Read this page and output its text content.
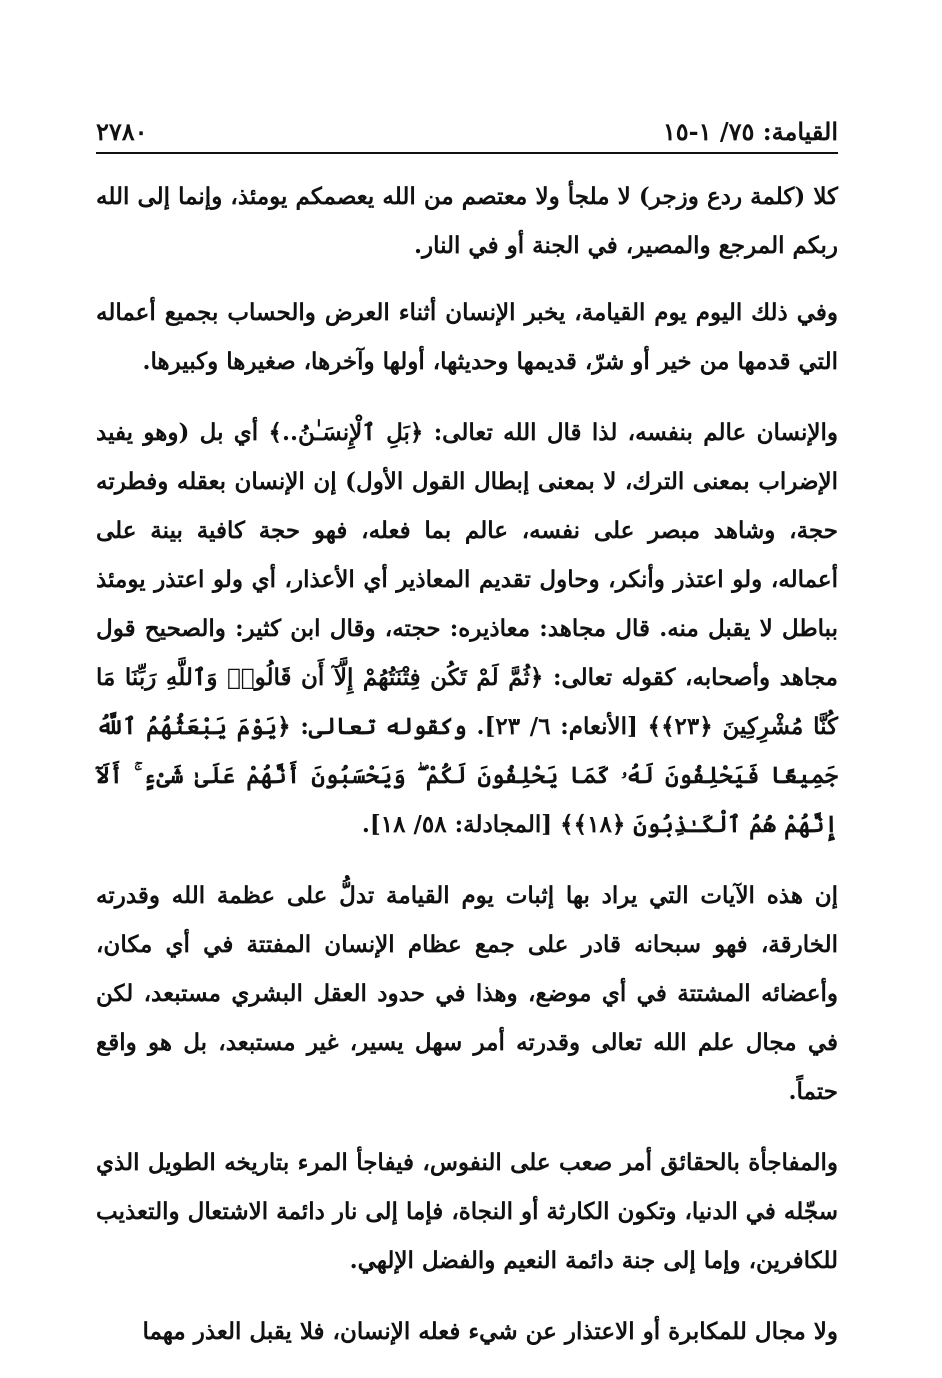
القيامة: ٧٥/ ١-١٥
٢٧٨٠

كلا (كلمة ردع وزجر) لا ملجأ ولا معتصم من الله يعصمكم يومئذ، وإنما إلى الله ربكم المرجع والمصير، في الجنة أو في النار.

وفي ذلك اليوم يوم القيامة، يخبر الإنسان أثناء العرض والحساب بجميع أعماله التي قدمها من خير أو شرّ، قديمها وحديثها، أولها وآخرها، صغيرها وكبيرها.

والإنسان عالم بنفسه، لذا قال الله تعالى: ﴿بَلِ ٱلْإِنسَـٰنُ..﴾ أي بل (وهو يفيد الإضراب بمعنى الترك، لا بمعنى إبطال القول الأول) إن الإنسان بعقله وفطرته حجة، وشاهد مبصر على نفسه، عالم بما فعله، فهو حجة كافية بينة على أعماله، ولو اعتذر وأنكر، وحاول تقديم المعاذير أي الأعذار، أي ولو اعتذر يومئذ بباطل لا يقبل منه. قال مجاهد: معاذيره: حجته، وقال ابن كثير: والصحيح قول مجاهد وأصحابه، كقوله تعالى: ﴿ثُمَّ لَمْ تَكُن فِتْنَتُهُمْ إِلَّآ أَن قَالُوا۟ وَٱللَّهِ رَبِّنَا مَا كُنَّا مُشْرِكِينَ ﴿٢٣﴾﴾ [الأنعام: ٦/ ٢٣]. وكقوله تعالى: ﴿يَوْمَ يَبْعَثُهُمُ ٱللَّهُ جَمِيعًا فَيَحْلِفُونَ لَهُۥ كَمَا يَحْلِفُونَ لَكُمْ ۖ وَيَحْسَبُونَ أَنَّهُمْ عَلَىٰ شَىْءٍ ۚ أَلَآ إِنَّهُمْ هُمُ ٱلْكَـٰذِبُونَ ﴿١٨﴾﴾ [المجادلة: ٥٨/ ١٨].

إن هذه الآيات التي يراد بها إثبات يوم القيامة تدلُّ على عظمة الله وقدرته الخارقة، فهو سبحانه قادر على جمع عظام الإنسان المفتتة في أي مكان، وأعضائه المشتتة في أي موضع، وهذا في حدود العقل البشري مستبعد، لكن في مجال علم الله تعالى وقدرته أمر سهل يسير، غير مستبعد، بل هو واقع حتماً.

والمفاجأة بالحقائق أمر صعب على النفوس، فيفاجأ المرء بتاريخه الطويل الذي سجّله في الدنيا، وتكون الكارثة أو النجاة، فإما إلى نار دائمة الاشتعال والتعذيب للكافرين، وإما إلى جنة دائمة النعيم والفضل الإلهي.

ولا مجال للمكابرة أو الاعتذار عن شيء فعله الإنسان، فلا يقبل العذر مهما
